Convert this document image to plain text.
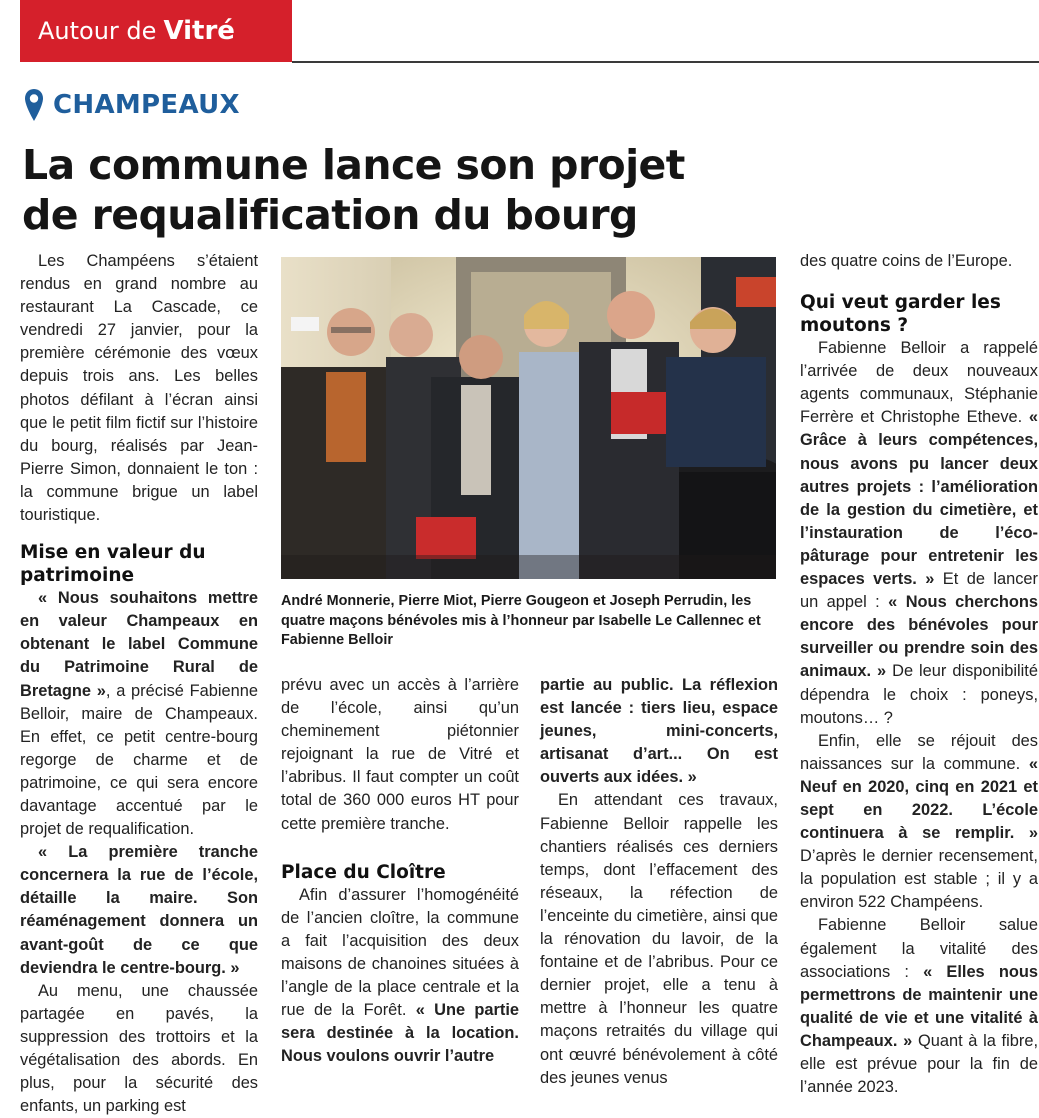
Autour de Vitré
CHAMPEAUX
La commune lance son projet
de requalification du bourg

Les Champéens s’étaient rendus en grand nombre au restaurant La Cascade, ce vendredi 27 janvier, pour la première cérémonie des vœux depuis trois ans. Les belles photos défilant à l’écran ainsi que le petit film fictif sur l’histoire du bourg, réalisés par Jean-Pierre Simon, donnaient le ton : la commune brigue un label touristique.

Mise en valeur du patrimoine

« Nous souhaitons mettre en valeur Champeaux en obtenant le label Commune du Patrimoine Rural de Bretagne », a précisé Fabienne Belloir, maire de Champeaux. En effet, ce petit centre-bourg regorge de charme et de patrimoine, ce qui sera encore davantage accentué par le projet de requalification.

« La première tranche concernera la rue de l’école, détaille la maire. Son réaménagement donnera un avant-goût de ce que deviendra le centre-bourg. »

Au menu, une chaussée partagée en pavés, la suppression des trottoirs et la végétalisation des abords. En plus, pour la sécurité des enfants, un parking est

André Monnerie, Pierre Miot, Pierre Gougeon et Joseph Perrudin, les quatre maçons bénévoles mis à l’honneur par Isabelle Le Callennec et Fabienne Belloir

prévu avec un accès à l’arrière de l’école, ainsi qu’un cheminement piétonnier rejoignant la rue de Vitré et l’abribus. Il faut compter un coût total de 360 000 euros HT pour cette première tranche.

Place du Cloître

Afin d’assurer l’homogénéité de l’ancien cloître, la commune a fait l’acquisition des deux maisons de chanoines situées à l’angle de la place centrale et la rue de la Forêt. « Une partie sera destinée à la location. Nous voulons ouvrir l’autre

partie au public. La réflexion est lancée : tiers lieu, espace jeunes, mini-concerts, artisanat d’art... On est ouverts aux idées. »

En attendant ces travaux, Fabienne Belloir rappelle les chantiers réalisés ces derniers temps, dont l’effacement des réseaux, la réfection de l’enceinte du cimetière, ainsi que la rénovation du lavoir, de la fontaine et de l’abribus. Pour ce dernier projet, elle a tenu à mettre à l’honneur les quatre maçons retraités du village qui ont œuvré bénévolement à côté des jeunes venus

des quatre coins de l’Europe.

Qui veut garder les moutons ?

Fabienne Belloir a rappelé l’arrivée de deux nouveaux agents communaux, Stéphanie Ferrère et Christophe Etheve. « Grâce à leurs compétences, nous avons pu lancer deux autres projets : l’amélioration de la gestion du cimetière, et l’instauration de l’éco-pâturage pour entretenir les espaces verts. » Et de lancer un appel : « Nous cherchons encore des bénévoles pour surveiller ou prendre soin des animaux. » De leur disponibilité dépendra le choix : poneys, moutons… ?

Enfin, elle se réjouit des naissances sur la commune. « Neuf en 2020, cinq en 2021 et sept en 2022. L’école continuera à se remplir. » D’après le dernier recensement, la population est stable ; il y a environ 522 Champéens.

Fabienne Belloir salue également la vitalité des associations : « Elles nous permettrons de maintenir une qualité de vie et une vitalité à Champeaux. » Quant à la fibre, elle est prévue pour la fin de l’année 2023.
